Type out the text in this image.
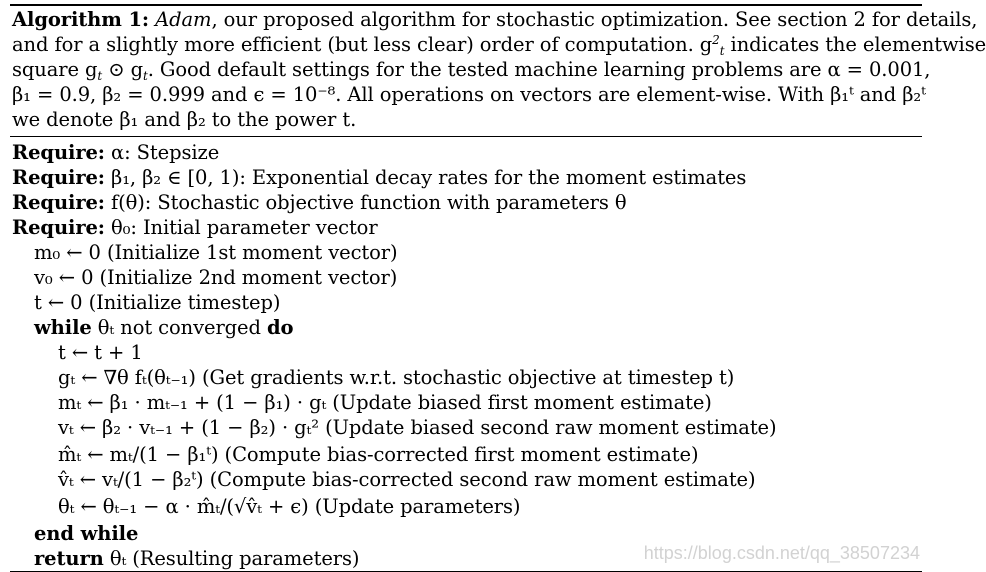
Algorithm 1: Adam, our proposed algorithm for stochastic optimization. See section 2 for details,
and for a slightly more efficient (but less clear) order of computation. $g^2_t$ indicates the elementwise
square $g_t$ ⊙ $g_t$. Good default settings for the tested machine learning problems are α = 0.001,
β₁ = 0.9, β₂ = 0.999 and ϵ = 10⁻⁸. All operations on vectors are element-wise. With β₁ᵗ and β₂ᵗ
we denote β₁ and β₂ to the power t.
Require: α: Stepsize
Require: β₁, β₂ ∈ [0, 1): Exponential decay rates for the moment estimates
Require: f(θ): Stochastic objective function with parameters θ
Require: θ₀: Initial parameter vector
m₀ ← 0 (Initialize 1st moment vector)
v₀ ← 0 (Initialize 2nd moment vector)
t ← 0 (Initialize timestep)
while θₜ not converged do
t ← t + 1
gₜ ← ∇θ fₜ(θₜ₋₁) (Get gradients w.r.t. stochastic objective at timestep t)
mₜ ← β₁ · mₜ₋₁ + (1 − β₁) · gₜ (Update biased first moment estimate)
vₜ ← β₂ · vₜ₋₁ + (1 − β₂) · gₜ² (Update biased second raw moment estimate)
m̂ₜ ← mₜ/(1 − β₁ᵗ) (Compute bias-corrected first moment estimate)
v̂ₜ ← vₜ/(1 − β₂ᵗ) (Compute bias-corrected second raw moment estimate)
θₜ ← θₜ₋₁ − α · m̂ₜ/(√v̂ₜ + ϵ) (Update parameters)
end while
return θₜ (Resulting parameters)	https://blog.csdn.net/qq_38507234
